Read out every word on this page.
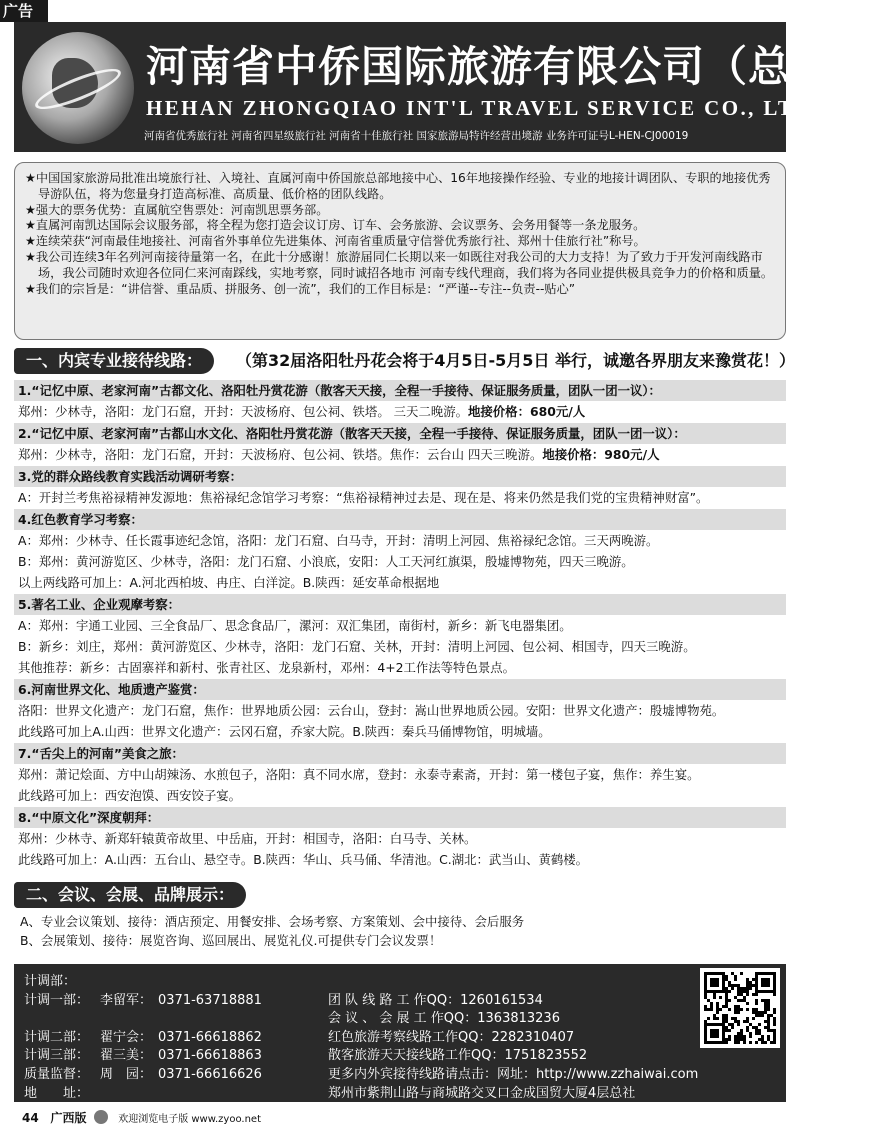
广告
河南省中侨国际旅游有限公司（总社）
HEHAN ZHONGQIAO INT'L TRAVEL SERVICE CO., LTD
河南省优秀旅行社 河南省四星级旅行社 河南省十佳旅行社 国家旅游局特许经营出境游 业务许可证号L-HEN-CJ00019

★中国国家旅游局批准出境旅行社、入境社、直属河南中侨国旅总部地接中心、16年地接操作经验、专业的地接计调团队、专职的地接优秀导游队伍，将为您量身打造高标准、高质量、低价格的团队线路。

★强大的票务优势：直属航空售票处：河南凯思票务部。

★直属河南凯达国际会议服务部，将全程为您打造会议订房、订车、会务旅游、会议票务、会务用餐等一条龙服务。

★连续荣获“河南最佳地接社、河南省外事单位先进集体、河南省重质量守信誉优秀旅行社、郑州十佳旅行社”称号。

★我公司连续3年名列河南接待量第一名，在此十分感谢！旅游届同仁长期以来一如既往对我公司的大力支持！为了致力于开发河南线路市场，我公司随时欢迎各位同仁来河南踩线，实地考察，同时诚招各地市 河南专线代理商，我们将为各同业提供极具竞争力的价格和质量。

★我们的宗旨是：“讲信誉、重品质、拼服务、创一流”，我们的工作目标是：“严谨--专注--负责--贴心”

一、内宾专业接待线路：	（第32届洛阳牡丹花会将于4月5日-5月5日 举行，诚邀各界朋友来豫赏花！）
1.“记忆中原、老家河南”古都文化、洛阳牡丹赏花游（散客天天接，全程一手接待、保证服务质量，团队一团一议）：
郑州：少林寺，洛阳：龙门石窟，开封：天波杨府、包公祠、铁塔。 三天二晚游。地接价格：680元/人
2.“记忆中原、老家河南”古都山水文化、洛阳牡丹赏花游（散客天天接，全程一手接待、保证服务质量，团队一团一议）：
郑州：少林寺，洛阳：龙门石窟，开封：天波杨府、包公祠、铁塔。焦作：云台山 四天三晚游。地接价格：980元/人
3.党的群众路线教育实践活动调研考察：
A：开封兰考焦裕禄精神发源地：焦裕禄纪念馆学习考察：“焦裕禄精神过去是、现在是、将来仍然是我们党的宝贵精神财富”。
4.红色教育学习考察：
A：郑州：少林寺、任长霞事迹纪念馆，洛阳：龙门石窟、白马寺，开封：清明上河园、焦裕禄纪念馆。三天两晚游。
B：郑州：黄河游览区、少林寺，洛阳：龙门石窟、小浪底，安阳：人工天河红旗渠，殷墟博物苑，四天三晚游。
以上两线路可加上：A.河北西柏坡、冉庄、白洋淀。B.陕西：延安革命根据地
5.著名工业、企业观摩考察：
A：郑州：宇通工业园、三全食品厂、思念食品厂，漯河：双汇集团，南街村，新乡：新飞电器集团。
B：新乡：刘庄，郑州：黄河游览区、少林寺，洛阳：龙门石窟、关林，开封：清明上河园、包公祠、相国寺，四天三晚游。
其他推荐：新乡：古固寨祥和新村、张青社区、龙泉新村，邓州：4+2工作法等特色景点。
6.河南世界文化、地质遗产鉴赏：
洛阳：世界文化遗产：龙门石窟，焦作：世界地质公园：云台山，登封：嵩山世界地质公园。安阳：世界文化遗产：殷墟博物苑。
此线路可加上A.山西：世界文化遗产：云冈石窟，乔家大院。B.陕西：秦兵马俑博物馆，明城墙。
7.“舌尖上的河南”美食之旅：
郑州：萧记烩面、方中山胡辣汤、水煎包子，洛阳：真不同水席，登封：永泰寺素斋，开封：第一楼包子宴，焦作：养生宴。
此线路可加上：西安泡馍、西安饺子宴。
8.“中原文化”深度朝拜：
郑州：少林寺、新郑轩辕黄帝故里、中岳庙，开封：相国寺，洛阳：白马寺、关林。
此线路可加上：A.山西：五台山、悬空寺。B.陕西：华山、兵马俑、华清池。C.湖北：武当山、黄鹤楼。
二、会议、会展、品牌展示：
A、专业会议策划、接待：酒店预定、用餐安排、会场考察、方案策划、会中接待、会后服务
B、会展策划、接待：展览咨询、巡回展出、展览礼仪.可提供专门会议发票！
计调部：
计调一部： 李留军： 0371-63718881	团 队 线 路 工 作QQ：1260161534
会 议 、 会 展 工 作QQ：1363813236
计调二部： 翟宁会： 0371-66618862	红色旅游考察线路工作QQ：2282310407
计调三部： 翟三美： 0371-66618863	散客旅游天天接线路工作QQ：1751823552
质量监督： 周　园： 0371-66616626	更多内外宾接待线路请点击：网址：http://www.zzhaiwai.com
地　　址：	郑州市紫荆山路与商城路交叉口金成国贸大厦4层总社
44 广西版	欢迎浏览电子版 www.zyoo.net
